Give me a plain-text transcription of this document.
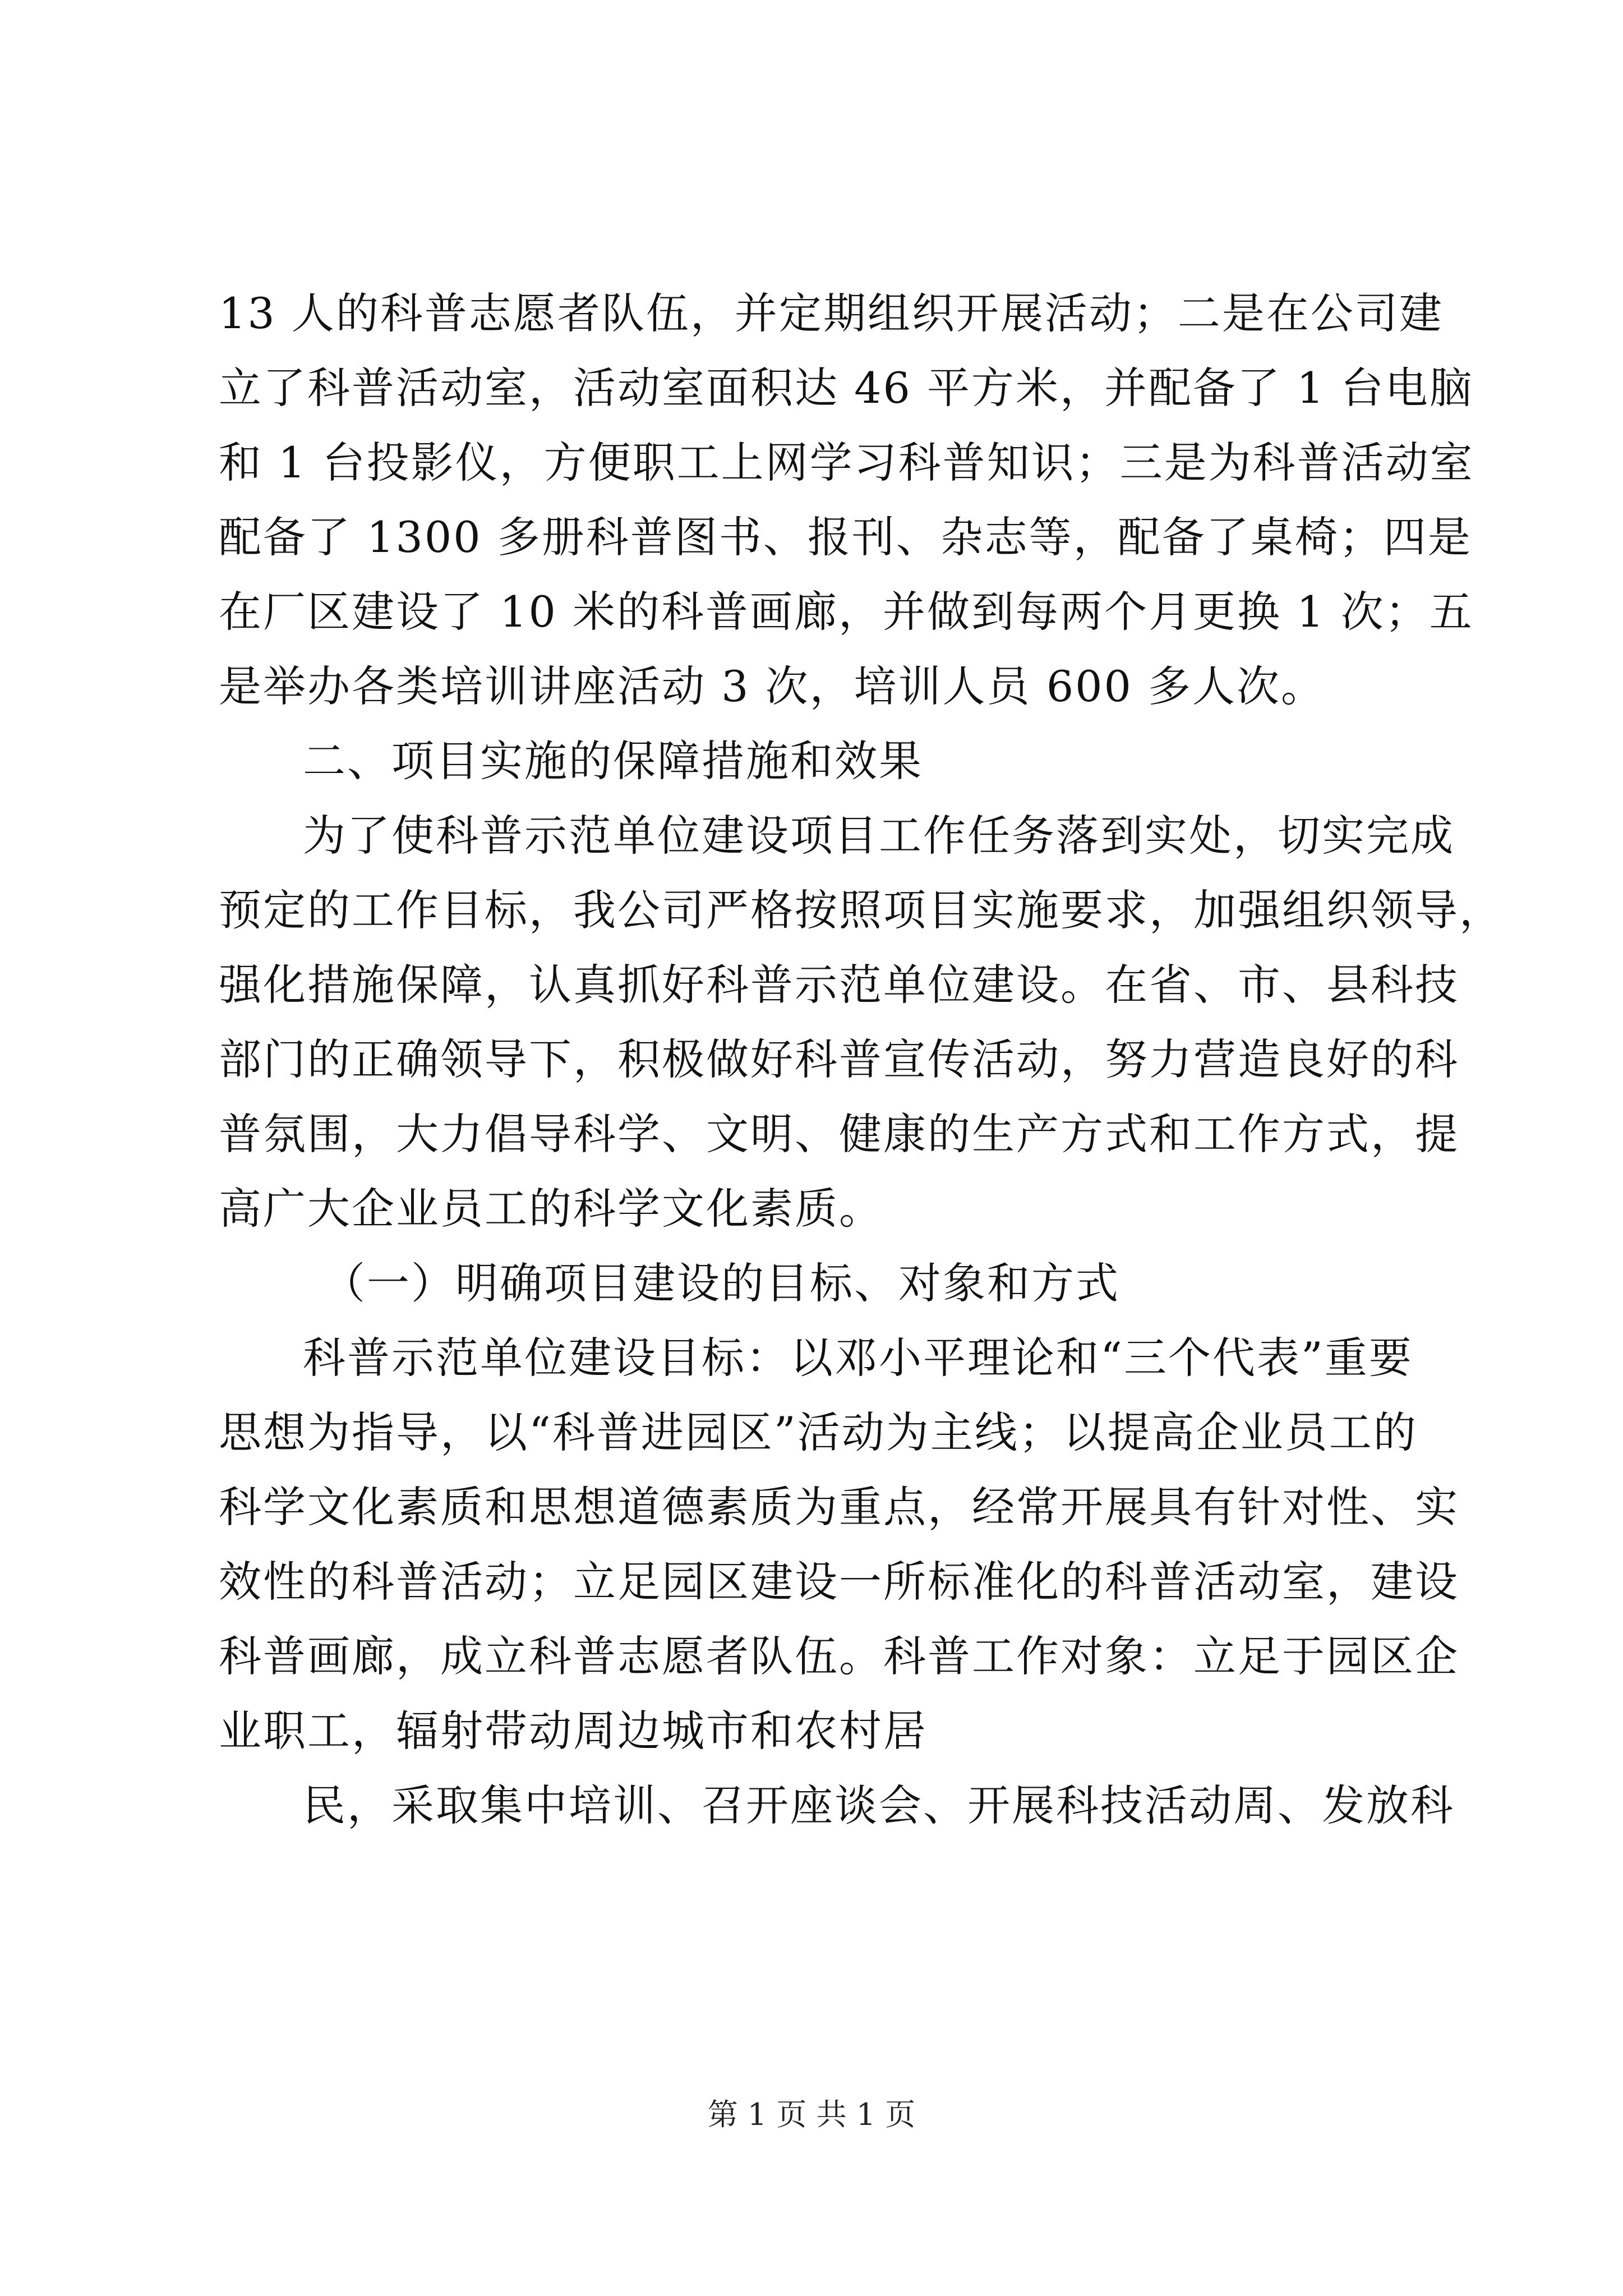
13 人的科普志愿者队伍，并定期组织开展活动；二是在公司建
立了科普活动室，活动室面积达 46 平方米，并配备了 1 台电脑
和 1 台投影仪，方便职工上网学习科普知识；三是为科普活动室
配备了 1300 多册科普图书、报刊、杂志等，配备了桌椅；四是
在厂区建设了 10 米的科普画廊，并做到每两个月更换 1 次；五
是举办各类培训讲座活动 3 次，培训人员 600 多人次。
二、项目实施的保障措施和效果
为了使科普示范单位建设项目工作任务落到实处，切实完成
预定的工作目标，我公司严格按照项目实施要求，加强组织领导，
强化措施保障，认真抓好科普示范单位建设。在省、市、县科技
部门的正确领导下，积极做好科普宣传活动，努力营造良好的科
普氛围，大力倡导科学、文明、健康的生产方式和工作方式，提
高广大企业员工的科学文化素质。
（一）明确项目建设的目标、对象和方式
科普示范单位建设目标：以邓小平理论和“三个代表”重要
思想为指导，以“科普进园区”活动为主线；以提高企业员工的
科学文化素质和思想道德素质为重点，经常开展具有针对性、实
效性的科普活动；立足园区建设一所标准化的科普活动室，建设
科普画廊，成立科普志愿者队伍。科普工作对象：立足于园区企
业职工，辐射带动周边城市和农村居
民，采取集中培训、召开座谈会、开展科技活动周、发放科
第 1 页 共 1 页
